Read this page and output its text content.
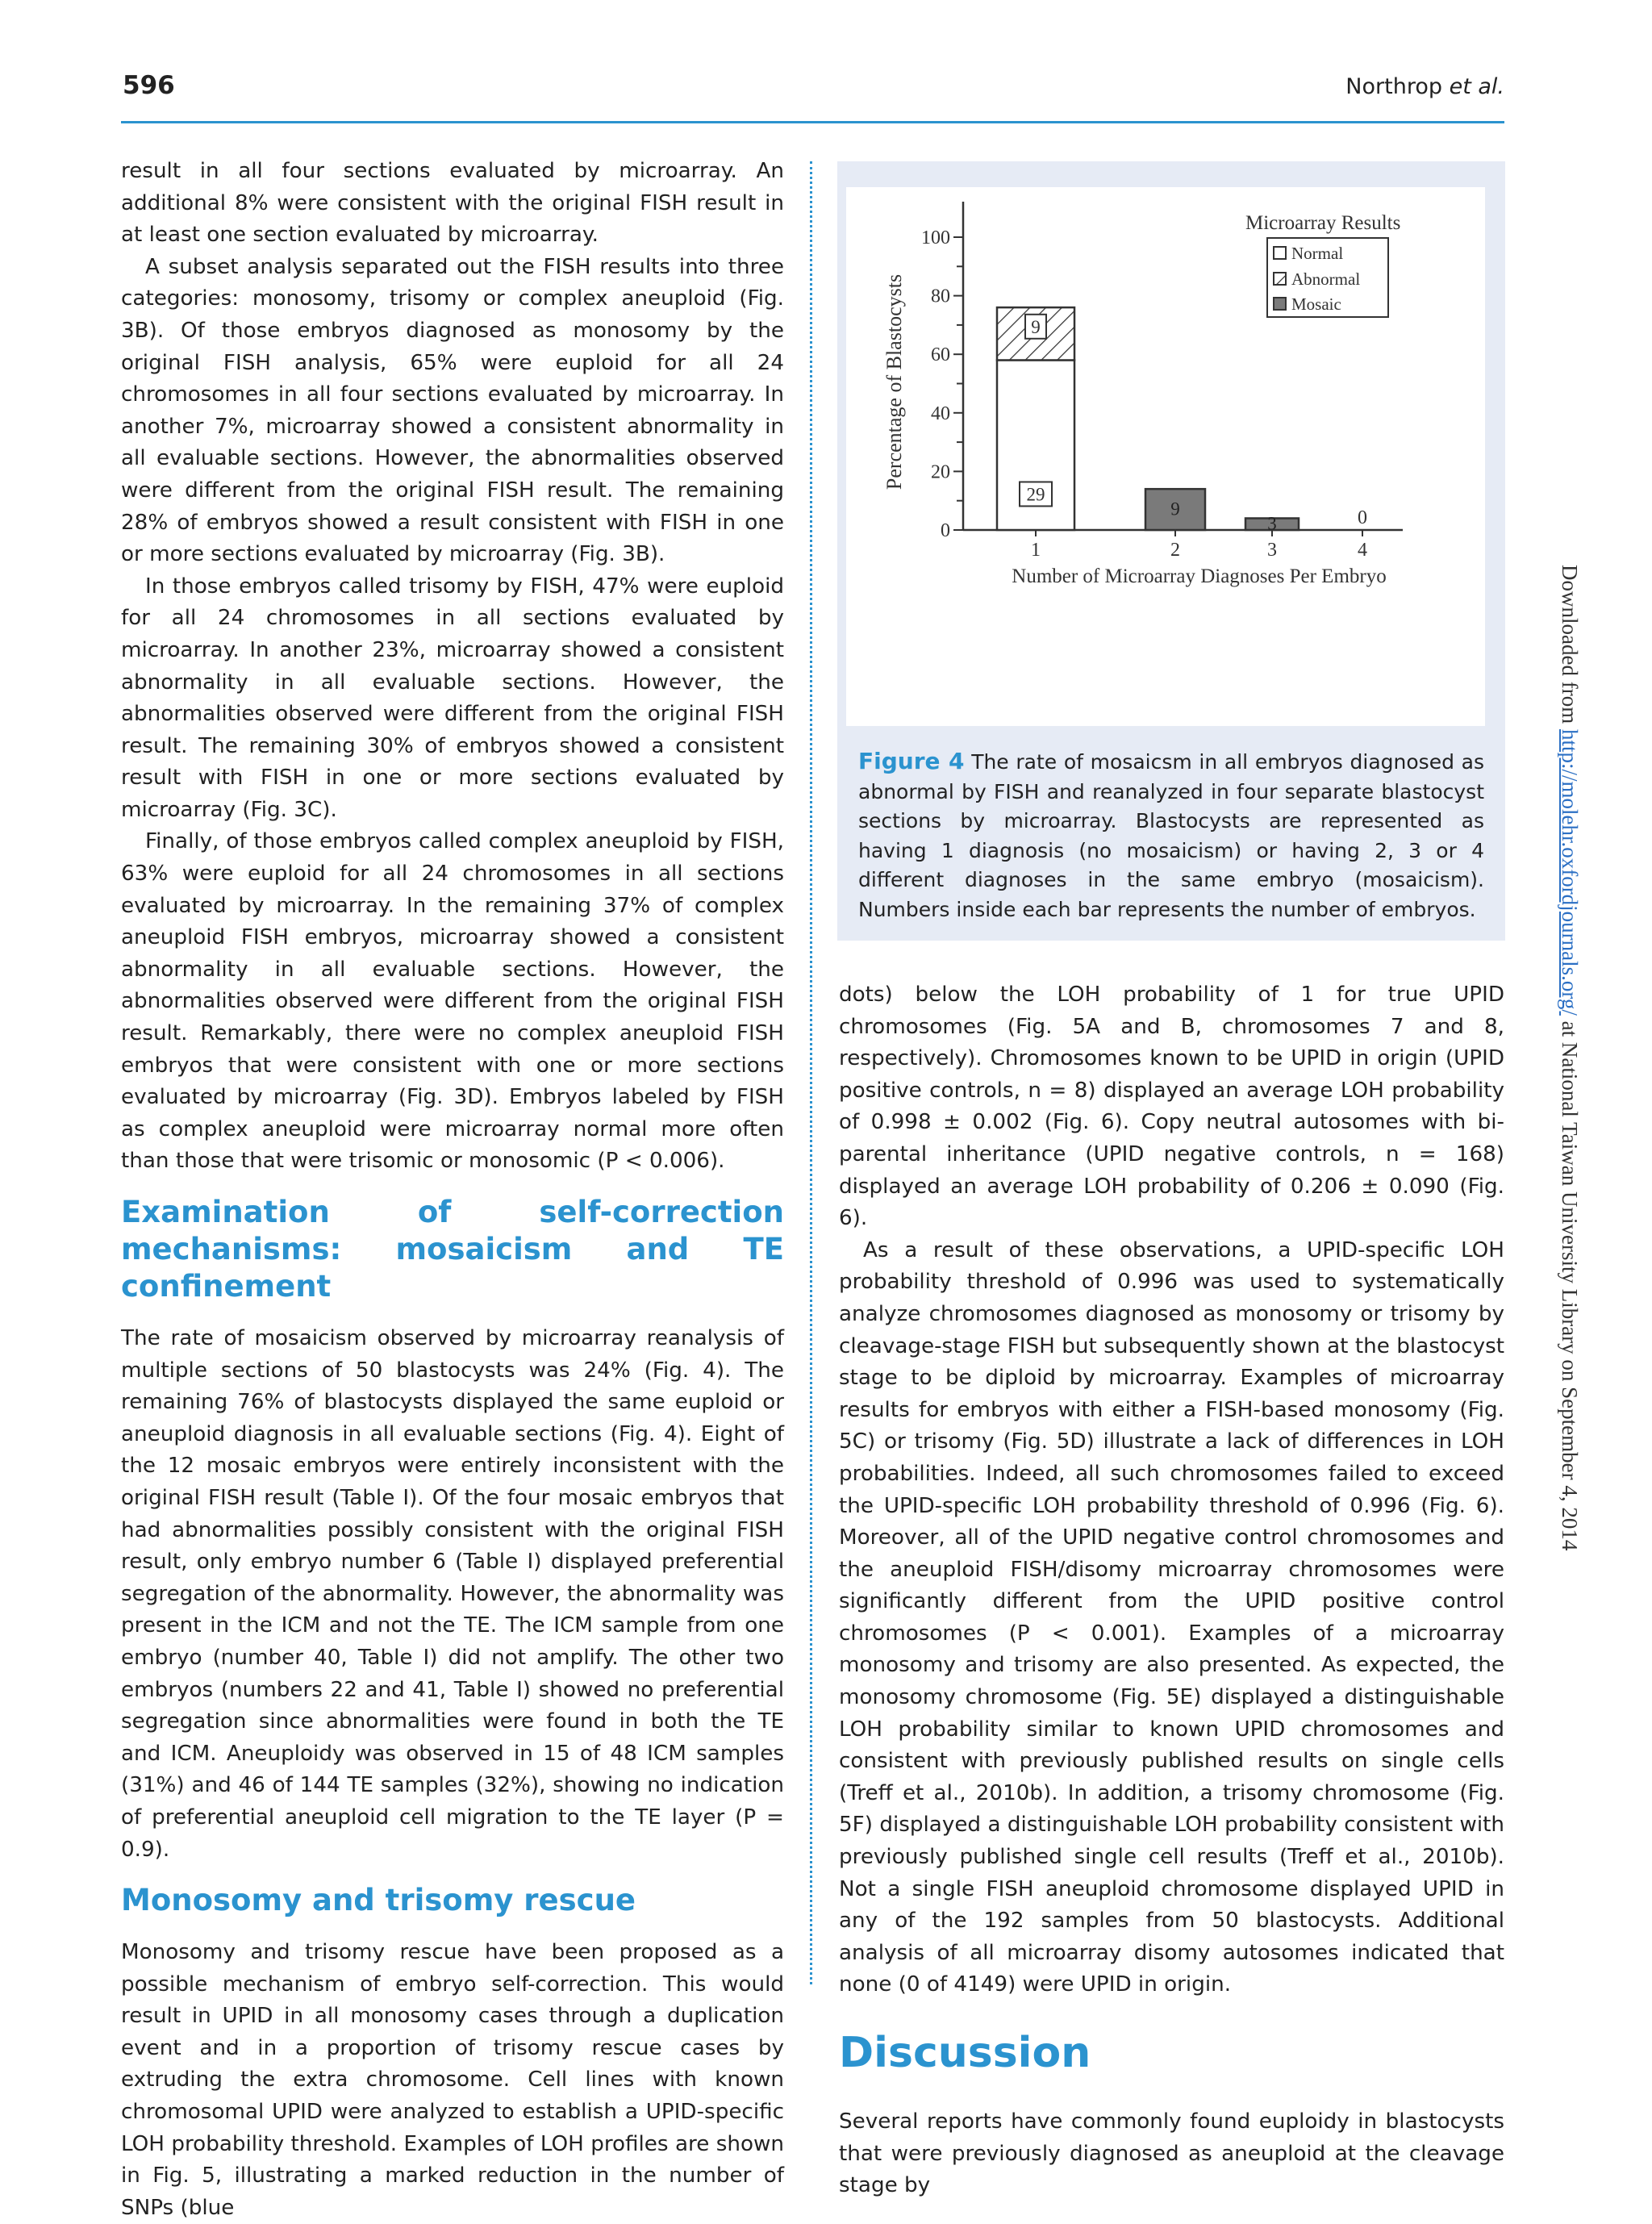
596	Northrop et al.

result in all four sections evaluated by microarray. An additional 8% were consistent with the original FISH result in at least one section evaluated by microarray.

A subset analysis separated out the FISH results into three categories: monosomy, trisomy or complex aneuploid (Fig. 3B). Of those embryos diagnosed as monosomy by the original FISH analysis, 65% were euploid for all 24 chromosomes in all four sections evaluated by microarray. In another 7%, microarray showed a consistent abnormality in all evaluable sections. However, the abnormalities observed were different from the original FISH result. The remaining 28% of embryos showed a result consistent with FISH in one or more sections evaluated by microarray (Fig. 3B).

In those embryos called trisomy by FISH, 47% were euploid for all 24 chromosomes in all sections evaluated by microarray. In another 23%, microarray showed a consistent abnormality in all evaluable sections. However, the abnormalities observed were different from the original FISH result. The remaining 30% of embryos showed a consistent result with FISH in one or more sections evaluated by microarray (Fig. 3C).

Finally, of those embryos called complex aneuploid by FISH, 63% were euploid for all 24 chromosomes in all sections evaluated by microarray. In the remaining 37% of complex aneuploid FISH embryos, microarray showed a consistent abnormality in all evaluable sections. However, the abnormalities observed were different from the original FISH result. Remarkably, there were no complex aneuploid FISH embryos that were consistent with one or more sections evaluated by microarray (Fig. 3D). Embryos labeled by FISH as complex aneuploid were microarray normal more often than those that were trisomic or monosomic (P < 0.006).

Examination of self-correction mechanisms: mosaicism and TE confinement

The rate of mosaicism observed by microarray reanalysis of multiple sections of 50 blastocysts was 24% (Fig. 4). The remaining 76% of blastocysts displayed the same euploid or aneuploid diagnosis in all evaluable sections (Fig. 4). Eight of the 12 mosaic embryos were entirely inconsistent with the original FISH result (Table I). Of the four mosaic embryos that had abnormalities possibly consistent with the original FISH result, only embryo number 6 (Table I) displayed preferential segregation of the abnormality. However, the abnormality was present in the ICM and not the TE. The ICM sample from one embryo (number 40, Table I) did not amplify. The other two embryos (numbers 22 and 41, Table I) showed no preferential segregation since abnormalities were found in both the TE and ICM. Aneuploidy was observed in 15 of 48 ICM samples (31%) and 46 of 144 TE samples (32%), showing no indication of preferential aneuploid cell migration to the TE layer (P = 0.9).

Monosomy and trisomy rescue

Monosomy and trisomy rescue have been proposed as a possible mechanism of embryo self-correction. This would result in UPID in all monosomy cases through a duplication event and in a proportion of trisomy rescue cases by extruding the extra chromosome. Cell lines with known chromosomal UPID were analyzed to establish a UPID-specific LOH probability threshold. Examples of LOH profiles are shown in Fig. 5, illustrating a marked reduction in the number of SNPs (blue

0
20
40
60
80
100
Percentage of Blastocysts
Number of Microarray Diagnoses Per Embryo
1	2	3	4
29
9
9
3	0
Microarray Results
Normal
Abnormal
Mosaic
Figure 4 The rate of mosaicsm in all embryos diagnosed as abnormal by FISH and reanalyzed in four separate blastocyst sections by microarray. Blastocysts are represented as having 1 diagnosis (no mosaicism) or having 2, 3 or 4 different diagnoses in the same embryo (mosaicism). Numbers inside each bar represents the number of embryos.

dots) below the LOH probability of 1 for true UPID chromosomes (Fig. 5A and B, chromosomes 7 and 8, respectively). Chromosomes known to be UPID in origin (UPID positive controls, n = 8) displayed an average LOH probability of 0.998 ± 0.002 (Fig. 6). Copy neutral autosomes with bi-parental inheritance (UPID negative controls, n = 168) displayed an average LOH probability of 0.206 ± 0.090 (Fig. 6).

As a result of these observations, a UPID-specific LOH probability threshold of 0.996 was used to systematically analyze chromosomes diagnosed as monosomy or trisomy by cleavage-stage FISH but subsequently shown at the blastocyst stage to be diploid by microarray. Examples of microarray results for embryos with either a FISH-based monosomy (Fig. 5C) or trisomy (Fig. 5D) illustrate a lack of differences in LOH probabilities. Indeed, all such chromosomes failed to exceed the UPID-specific LOH probability threshold of 0.996 (Fig. 6). Moreover, all of the UPID negative control chromosomes and the aneuploid FISH/disomy microarray chromosomes were significantly different from the UPID positive control chromosomes (P < 0.001). Examples of a microarray monosomy and trisomy are also presented. As expected, the monosomy chromosome (Fig. 5E) displayed a distinguishable LOH probability similar to known UPID chromosomes and consistent with previously published results on single cells (Treff et al., 2010b). In addition, a trisomy chromosome (Fig. 5F) displayed a distinguishable LOH probability consistent with previously published single cell results (Treff et al., 2010b). Not a single FISH aneuploid chromosome displayed UPID in any of the 192 samples from 50 blastocysts. Additional analysis of all microarray disomy autosomes indicated that none (0 of 4149) were UPID in origin.

Discussion

Several reports have commonly found euploidy in blastocysts that were previously diagnosed as aneuploid at the cleavage stage by

Downloaded from http://molehr.oxfordjournals.org/ at National Taiwan University Library on September 4, 2014
